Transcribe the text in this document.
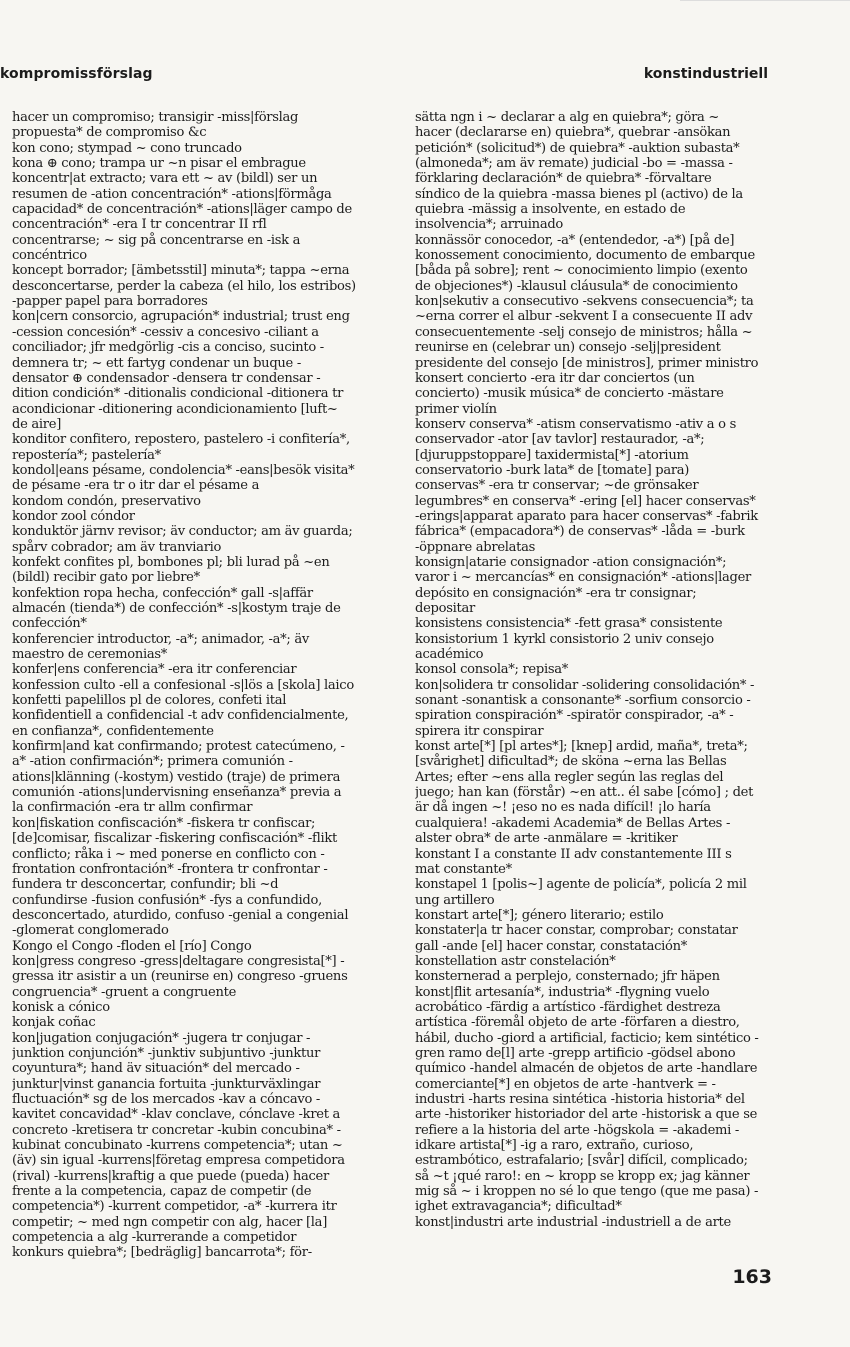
kompromissförslag	konstindustriell

hacer un compromiso; transigir -miss|förslag propuesta* de compromiso &c

kon cono; stympad ~ cono truncado

kona ⊕ cono; trampa ur ~n pisar el embrague

koncentr|at extracto; vara ett ~ av (bildl) ser un resumen de -ation concentración* -ations|förmåga capacidad* de concentración* -ations|läger campo de concentración* -era I tr concentrar II rfl concentrarse; ~ sig på concentrarse en -isk a concéntrico

koncept borrador; [ämbetsstil] minuta*; tappa ~erna desconcertarse, perder la cabeza (el hilo, los estribos) -papper papel para borradores

kon|cern consorcio, agrupación* industrial; trust eng -cession concesión* -cessiv a concesivo -ciliant a conciliador; jfr medgörlig -cis a conciso, sucinto -demnera tr; ~ ett fartyg condenar un buque -densator ⊕ condensador -densera tr condensar -dition condición* -ditionalis condicional -ditionera tr acondicionar -ditionering acondicionamiento [luft~ de aire]

konditor confitero, repostero, pastelero -i confitería*, repostería*; pastelería*

kondol|eans pésame, condolencia* -eans|besök visita* de pésame -era tr o itr dar el pésame a

kondom condón, preservativo

kondor zool cóndor

konduktör järnv revisor; äv conductor; am äv guarda; spårv cobrador; am äv tranviario

konfekt confites pl, bombones pl; bli lurad på ~en (bildl) recibir gato por liebre*

konfektion ropa hecha, confección* gall -s|affär almacén (tienda*) de confección* -s|kostym traje de confección*

konferencier introductor, -a*; animador, -a*; äv maestro de ceremonias*

konfer|ens conferencia* -era itr conferenciar

konfession culto -ell a confesional -s|lös a [skola] laico

konfetti papelillos pl de colores, confeti ital

konfidentiell a confidencial -t adv confidencialmente, en confianza*, confidentemente

konfirm|and kat confirmando; protest catecúmeno, -a* -ation confirmación*; primera comunión -ations|klänning (-kostym) vestido (traje) de primera comunión -ations|undervisning enseñanza* previa a la confirmación -era tr allm confirmar

kon|fiskation confiscación* -fiskera tr confiscar; [de]comisar, fiscalizar -fiskering confiscación* -flikt conflicto; råka i ~ med ponerse en conflicto con -frontation confrontación* -frontera tr confrontar -fundera tr desconcertar, confundir; bli ~d confundirse -fusion confusión* -fys a confundido, desconcertado, aturdido, confuso -genial a congenial -glomerat conglomerado

Kongo el Congo -floden el [río] Congo

kon|gress congreso -gress|deltagare congresista[*] -gressa itr asistir a un (reunirse en) congreso -gruens congruencia* -gruent a congruente

konisk a cónico

konjak coñac

kon|jugation conjugación* -jugera tr conjugar -junktion conjunción* -junktiv subjuntivo -junktur coyuntura*; hand äv situación* del mercado -junktur|vinst ganancia fortuita -junkturväxlingar fluctuación* sg de los mercados -kav a cóncavo -kavitet concavidad* -klav conclave, cónclave -kret a concreto -kretisera tr concretar -kubin concubina* -kubinat concubinato -kurrens competencia*; utan ~ (äv) sin igual -kurrens|företag empresa competidora (rival) -kurrens|kraftig a que puede (pueda) hacer frente a la competencia, capaz de competir (de competencia*) -kurrent competidor, -a* -kurrera itr competir; ~ med ngn competir con alg, hacer [la] competencia a alg -kurrerande a competidor

konkurs quiebra*; [bedräglig] bancarrota*; för-

sätta ngn i ~ declarar a alg en quiebra*; göra ~ hacer (declararse en) quiebra*, quebrar -ansökan petición* (solicitud*) de quiebra* -auktion subasta* (almoneda*; am äv remate) judicial -bo = -massa -förklaring declaración* de quiebra* -förvaltare síndico de la quiebra -massa bienes pl (activo) de la quiebra -mässig a insolvente, en estado de insolvencia*; arruinado

konnässör conocedor, -a* (entendedor, -a*) [på de]

konossement conocimiento, documento de embarque [båda på sobre]; rent ~ conocimiento limpio (exento de objeciones*) -klausul cláusula* de conocimiento

kon|sekutiv a consecutivo -sekvens consecuencia*; ta ~erna correr el albur -sekvent I a consecuente II adv consecuentemente -selj consejo de ministros; hålla ~ reunirse en (celebrar un) consejo -selj|president presidente del consejo [de ministros], primer ministro

konsert concierto -era itr dar conciertos (un concierto) -musik música* de concierto -mästare primer violín

konserv conserva* -atism conservatismo -ativ a o s conservador -ator [av tavlor] restaurador, -a*; [djuruppstoppare] taxidermista[*] -atorium conservatorio -burk lata* de [tomate] para) conservas* -era tr conservar; ~de grönsaker legumbres* en conserva* -ering [el] hacer conservas* -erings|apparat aparato para hacer conservas* -fabrik fábrica* (empacadora*) de conservas* -låda = -burk -öppnare abrelatas

konsign|atarie consignador -ation consignación*; varor i ~ mercancías* en consignación* -ations|lager depósito en consignación* -era tr consignar; depositar

konsistens consistencia* -fett grasa* consistente

konsistorium 1 kyrkl consistorio 2 univ consejo académico

konsol consola*; repisa*

kon|solidera tr consolidar -solidering consolidación* -sonant -sonantisk a consonante* -sorfium consorcio -spiration conspiración* -spiratör conspirador, -a* -spirera itr conspirar

konst arte[*] [pl artes*]; [knep] ardid, maña*, treta*; [svårighet] dificultad*; de sköna ~erna las Bellas Artes; efter ~ens alla regler según las reglas del juego; han kan (förstår) ~en att.. él sabe [cómo] ; det är då ingen ~! ¡eso no es nada difícil! ¡lo haría cualquiera! -akademi Academia* de Bellas Artes -alster obra* de arte -anmälare = -kritiker

konstant I a constante II adv constantemente III s mat constante*

konstapel 1 [polis~] agente de policía*, policía 2 mil ung artillero

konstart arte[*]; género literario; estilo

konstater|a tr hacer constar, comprobar; constatar gall -ande [el] hacer constar, constatación*

konstellation astr constelación*

konsternerad a perplejo, consternado; jfr häpen

konst|flit artesanía*, industria* -flygning vuelo acrobático -färdig a artístico -färdighet destreza artística -föremål objeto de arte -förfaren a diestro, hábil, ducho -giord a artificial, facticio; kem sintético -gren ramo de[l] arte -grepp artificio -gödsel abono químico -handel almacén de objetos de arte -handlare comerciante[*] en objetos de arte -hantverk = -industri -harts resina sintética -historia historia* del arte -historiker historiador del arte -historisk a que se refiere a la historia del arte -högskola = -akademi -idkare artista[*] -ig a raro, extraño, curioso, estrambótico, estrafalario; [svår] difícil, complicado; så ~t ¡qué raro!: en ~ kropp se kropp ex; jag känner mig så ~ i kroppen no sé lo que tengo (que me pasa) -ighet extravagancia*; dificultad*

konst|industri arte industrial -industriell a de arte

163
